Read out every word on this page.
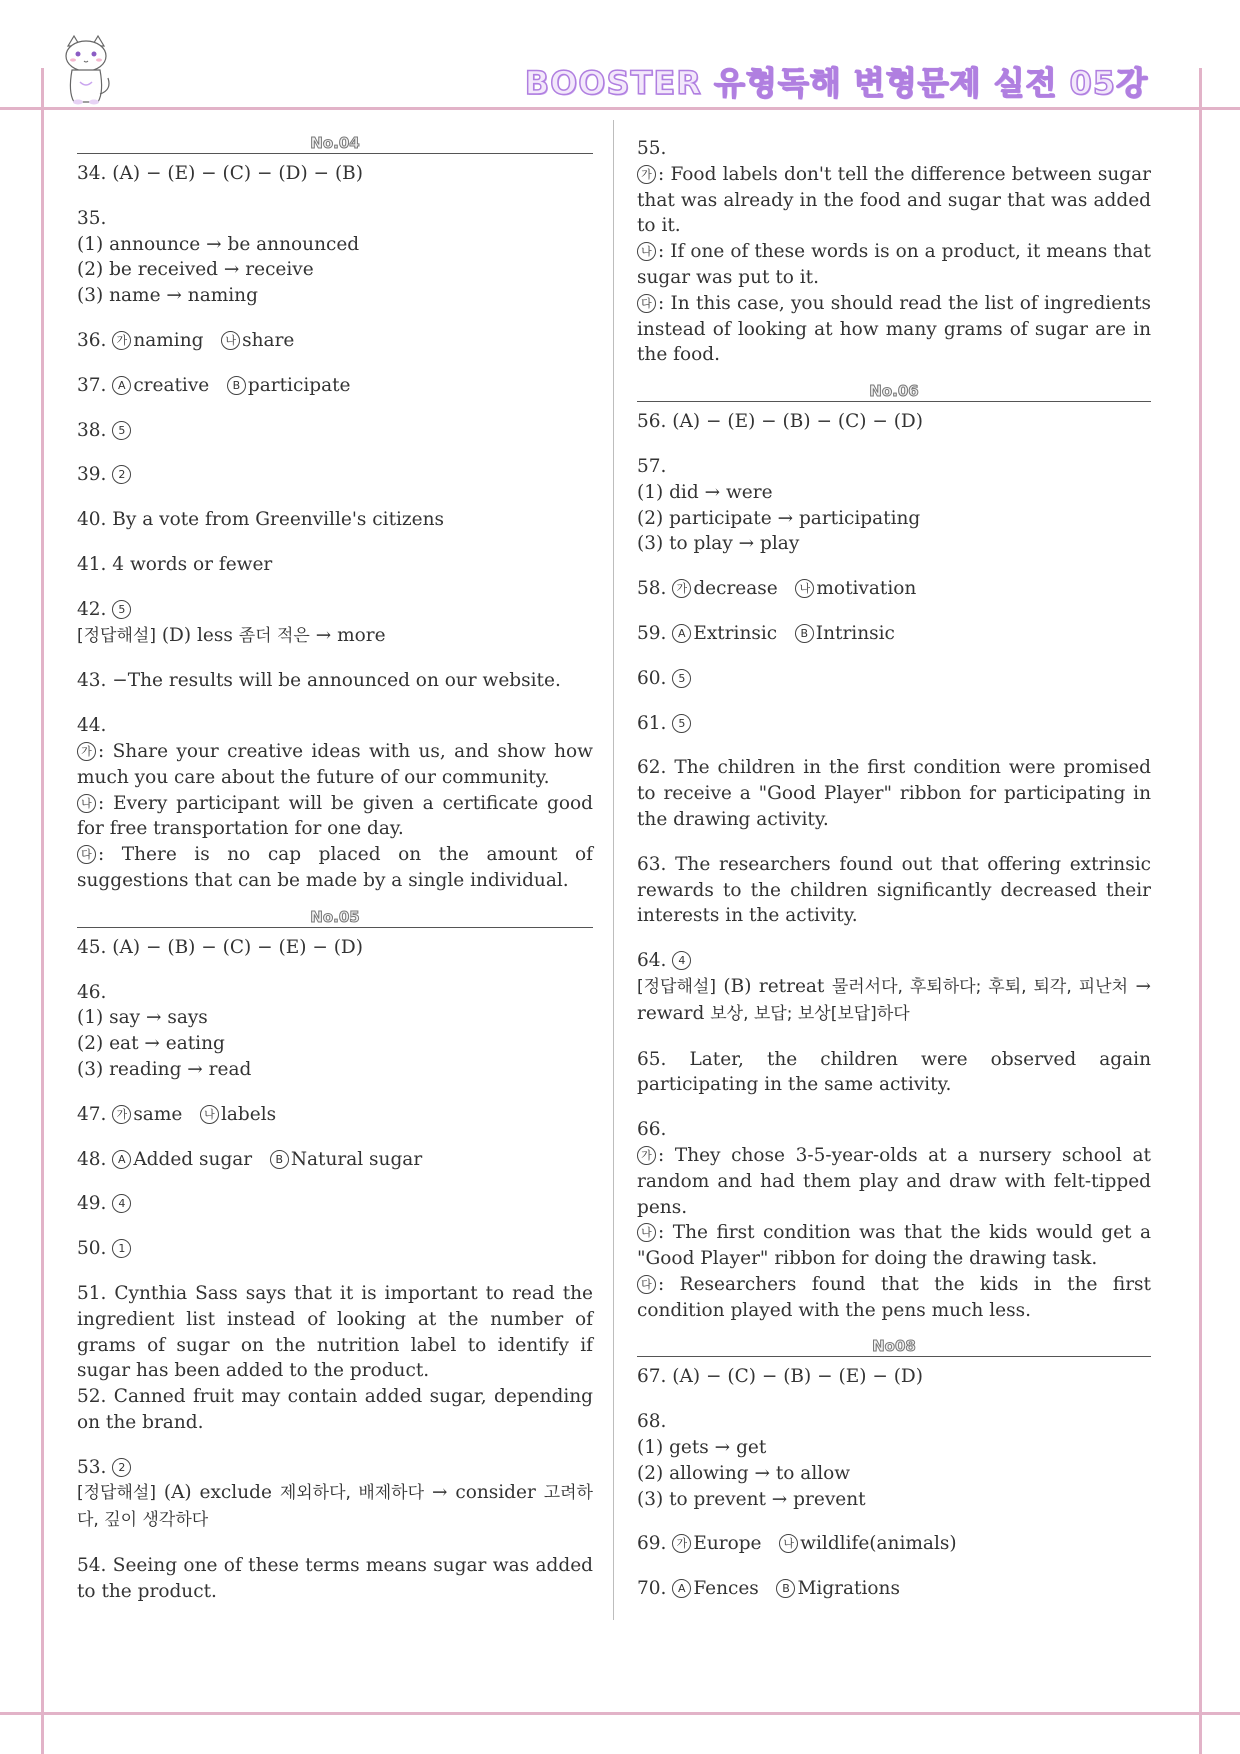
BOOSTER 유형독해 변형문제 실전 05강
No.04
34. (A) − (E) − (C) − (D) − (B)
35.
(1) announce → be announced
(2) be received → receive
(3) name → naming
36. 가 naming 나 share
37. A creative B participate
38. 5
39. 2
40. By a vote from Greenville's citizens
41. 4 words or fewer
42. 5
[정답해설] (D) less 좀더 적은 → more
43. −The results will be announced on our website.
44.
가 : Share your creative ideas with us, and show how much you care about the future of our community.
나 : Every participant will be given a certificate good for free transportation for one day.
다 : There is no cap placed on the amount of suggestions that can be made by a single individual.
No.05
45. (A) − (B) − (C) − (E) − (D)
46.
(1) say → says
(2) eat → eating
(3) reading → read
47. 가 same 나 labels
48. A Added sugar B Natural sugar
49. 4
50. 1
51. Cynthia Sass says that it is important to read the ingredient list instead of looking at the number of grams of sugar on the nutrition label to identify if sugar has been added to the product.
52. Canned fruit may contain added sugar, depending on the brand.
53. 2
[정답해설] (A) exclude 제외하다, 배제하다 → consider 고려하다, 깊이 생각하다
54. Seeing one of these terms means sugar was added to the product.
55.
가 : Food labels don't tell the difference between sugar that was already in the food and sugar that was added to it.
나 : If one of these words is on a product, it means that sugar was put to it.
다 : In this case, you should read the list of ingredients instead of looking at how many grams of sugar are in the food.
No.06
56. (A) − (E) − (B) − (C) − (D)
57.
(1) did → were
(2) participate → participating
(3) to play → play
58. 가 decrease 나 motivation
59. A Extrinsic B Intrinsic
60. 5
61. 5
62. The children in the first condition were promised to receive a "Good Player" ribbon for participating in the drawing activity.
63. The researchers found out that offering extrinsic rewards to the children significantly decreased their interests in the activity.
64. 4
[정답해설] (B) retreat 물러서다, 후퇴하다; 후퇴, 퇴각, 피난처 → reward 보상, 보답; 보상[보답]하다
65. Later, the children were observed again participating in the same activity.
66.
가 : They chose 3-5-year-olds at a nursery school at random and had them play and draw with felt-tipped pens.
나 : The first condition was that the kids would get a "Good Player" ribbon for doing the drawing task.
다 : Researchers found that the kids in the first condition played with the pens much less.
No08
67. (A) − (C) − (B) − (E) − (D)
68.
(1) gets → get
(2) allowing → to allow
(3) to prevent → prevent
69. 가 Europe 나 wildlife(animals)
70. A Fences B Migrations
